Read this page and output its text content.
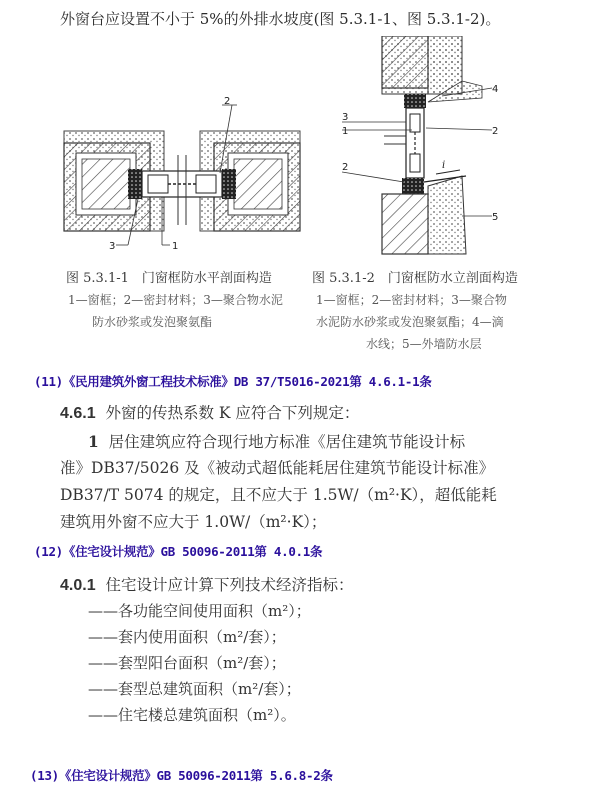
外窗台应设置不小于 5%的外排水坡度(图 5.3.1-1、图 5.3.1-2)。
2
3	1
4
3
1	2
2	i
5
图 5.3.1-1　门窗框防水平剖面构造
1—窗框；2—密封材料；3—聚合物水泥
防水砂浆或发泡聚氨酯
图 5.3.1-2　门窗框防水立剖面构造
1—窗框；2—密封材料；3—聚合物
水泥防水砂浆或发泡聚氨酯；4—滴
水线；5—外墙防水层
(11)《民用建筑外窗工程技术标准》DB 37/T5016-2021第 4.6.1-1条
4.6.1 外窗的传热系数 K 应符合下列规定：
1 居住建筑应符合现行地方标准《居住建筑节能设计标
准》DB37/5026 及《被动式超低能耗居住建筑节能设计标准》
DB37/T 5074 的规定，且不应大于 1.5W/（m²·K），超低能耗
建筑用外窗不应大于 1.0W/（m²·K）；
(12)《住宅设计规范》GB 50096-2011第 4.0.1条
4.0.1 住宅设计应计算下列技术经济指标：
——各功能空间使用面积（m²）；
——套内使用面积（m²/套）；
——套型阳台面积（m²/套）；
——套型总建筑面积（m²/套）；
——住宅楼总建筑面积（m²）。
(13)《住宅设计规范》GB 50096-2011第 5.6.8-2条
